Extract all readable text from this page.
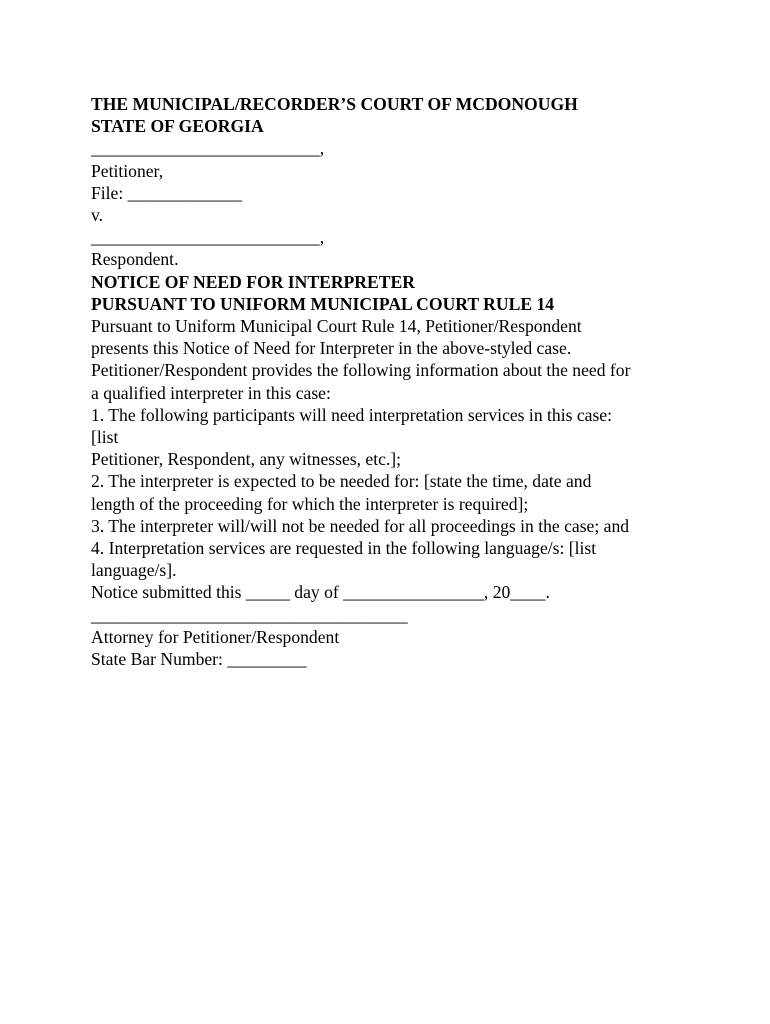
THE MUNICIPAL/RECORDER’S COURT OF MCDONOUGH
STATE OF GEORGIA
__________________________,
Petitioner,
File: _____________
v.
__________________________,
Respondent.
NOTICE OF NEED FOR INTERPRETER
PURSUANT TO UNIFORM MUNICIPAL COURT RULE 14
Pursuant to Uniform Municipal Court Rule 14, Petitioner/Respondent
presents this Notice of Need for Interpreter in the above-styled case.
Petitioner/Respondent provides the following information about the need for
a qualified interpreter in this case:
1. The following participants will need interpretation services in this case:
[list
Petitioner, Respondent, any witnesses, etc.];
2. The interpreter is expected to be needed for: [state the time, date and
length of the proceeding for which the interpreter is required];
3. The interpreter will/will not be needed for all proceedings in the case; and
4. Interpretation services are requested in the following language/s: [list
language/s].
Notice submitted this _____ day of ________________, 20____.
____________________________________
Attorney for Petitioner/Respondent
State Bar Number: _________
